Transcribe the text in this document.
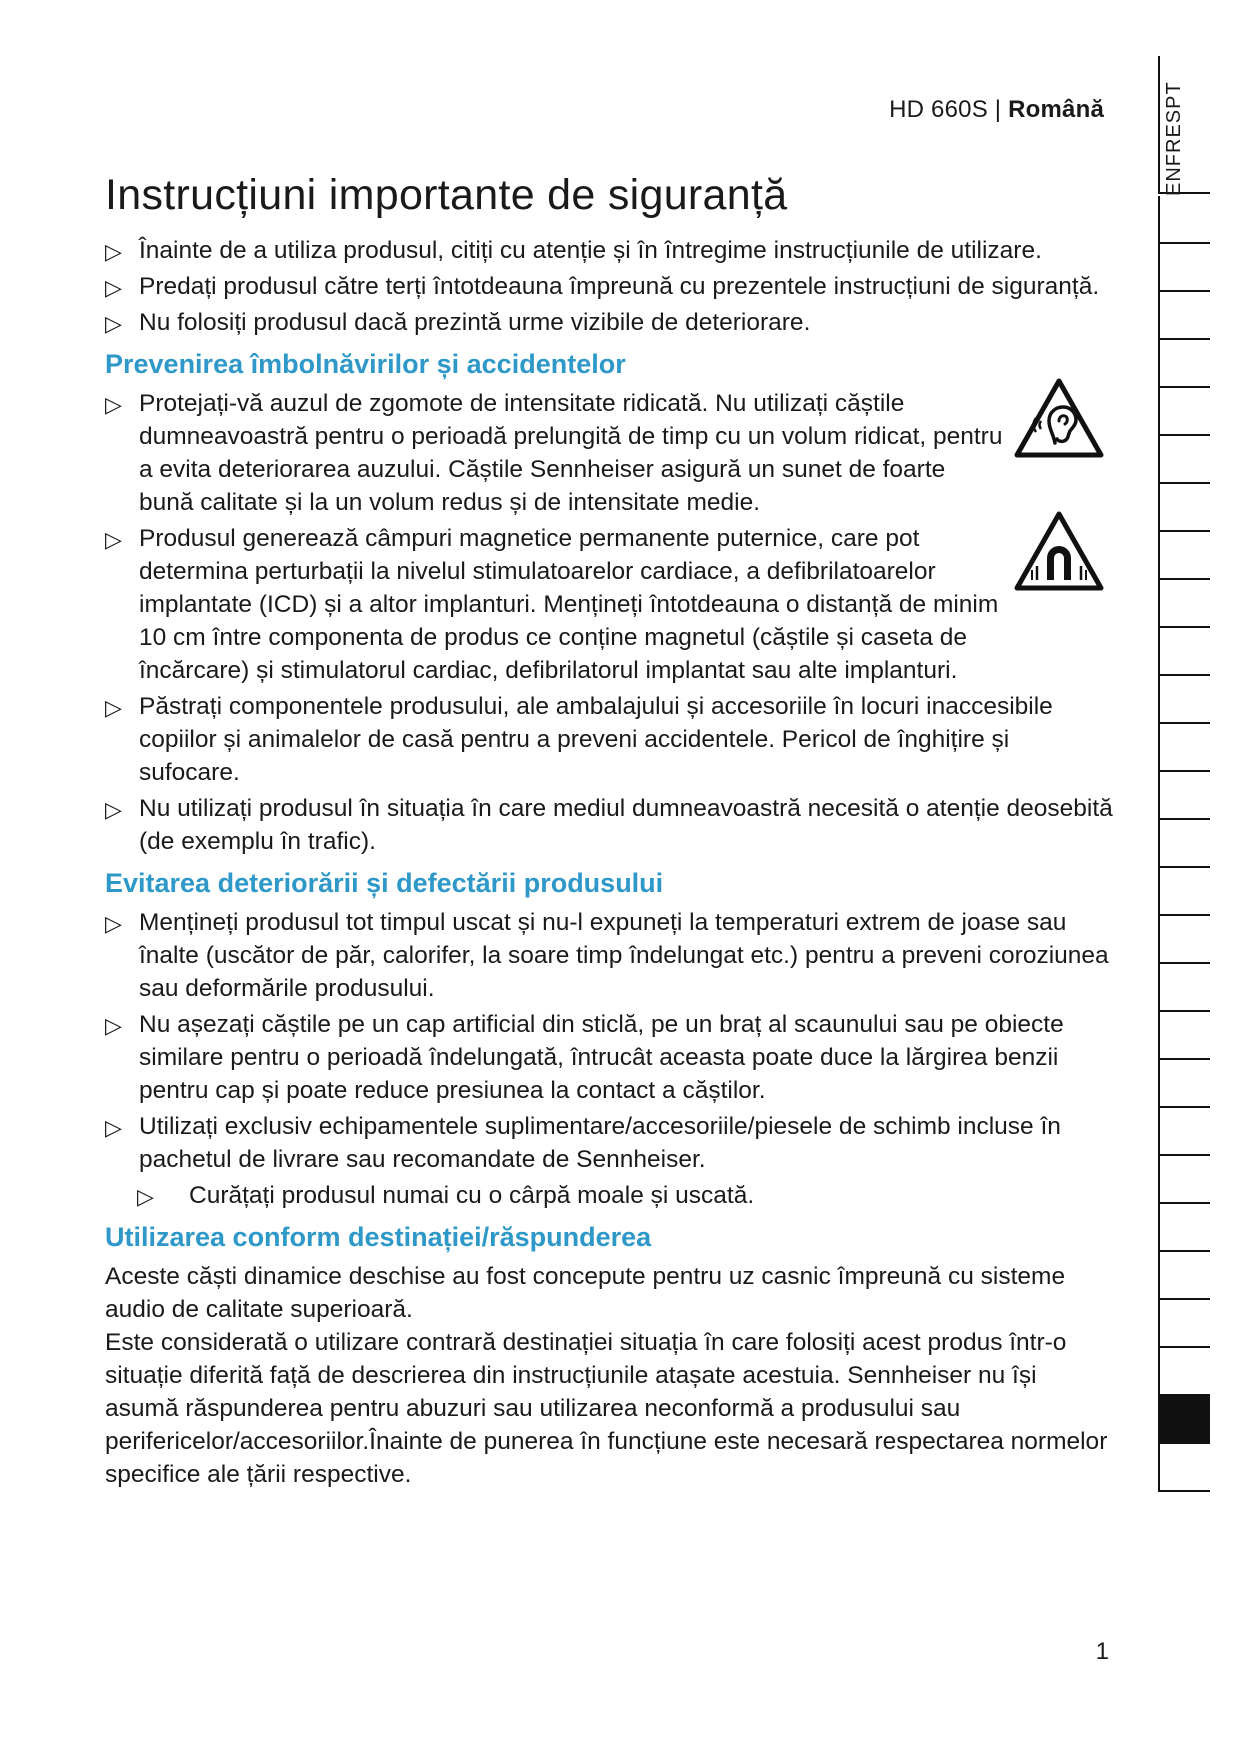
HD 660S | Română
ENFRESPT
Instrucțiuni importante de siguranță
▷ Înainte de a utiliza produsul, citiți cu atenție și în întregime instrucțiunile de utilizare.
▷ Predați produsul către terți întotdeauna împreună cu prezentele instrucțiuni de siguranță.
▷ Nu folosiți produsul dacă prezintă urme vizibile de deteriorare.
Prevenirea îmbolnăvirilor și accidentelor
▷ Protejați-vă auzul de zgomote de intensitate ridicată. Nu utilizați căștile dumneavoastră pentru o perioadă prelungită de timp cu un volum ridicat, pentru a evita deteriorarea auzului. Căștile Sennheiser asigură un sunet de foarte bună calitate și la un volum redus și de intensitate medie.
▷ Produsul generează câmpuri magnetice permanente puternice, care pot determina perturbații la nivelul stimulatoarelor cardiace, a defibrilatoarelor implantate (ICD) și a altor implanturi. Mențineți întotdeauna o distanță de minim 10 cm între componenta de produs ce conține magnetul (căștile și caseta de încărcare) și stimulatorul cardiac, defibrilatorul implantat sau alte implanturi.
▷ Păstrați componentele produsului, ale ambalajului și accesoriile în locuri inaccesibile copiilor și animalelor de casă pentru a preveni accidentele. Pericol de înghițire și sufocare.
▷ Nu utilizați produsul în situația în care mediul dumneavoastră necesită o atenție deosebită (de exemplu în trafic).
Evitarea deteriorării și defectării produsului
▷ Mențineți produsul tot timpul uscat și nu-l expuneți la temperaturi extrem de joase sau înalte (uscător de păr, calorifer, la soare timp îndelungat etc.) pentru a preveni coroziunea sau deformările produsului.
▷ Nu așezați căștile pe un cap artificial din sticlă, pe un braț al scaunului sau pe obiecte similare pentru o perioadă îndelungată, întrucât aceasta poate duce la lărgirea benzii pentru cap și poate reduce presiunea la contact a căștilor.
▷ Utilizați exclusiv echipamentele suplimentare/accesoriile/piesele de schimb incluse în pachetul de livrare sau recomandate de Sennheiser.
▷ Curățați produsul numai cu o cârpă moale și uscată.
Utilizarea conform destinației/răspunderea

Aceste căști dinamice deschise au fost concepute pentru uz casnic împreună cu sisteme audio de calitate superioară.

Este considerată o utilizare contrară destinației situația în care folosiți acest produs într-o situație diferită față de descrierea din instrucțiunile atașate acestuia. Sennheiser nu își asumă răspunderea pentru abuzuri sau utilizarea neconformă a produsului sau perifericelor/accesoriilor.Înainte de punerea în funcțiune este necesară respectarea normelor specifice ale țării respective.

1
